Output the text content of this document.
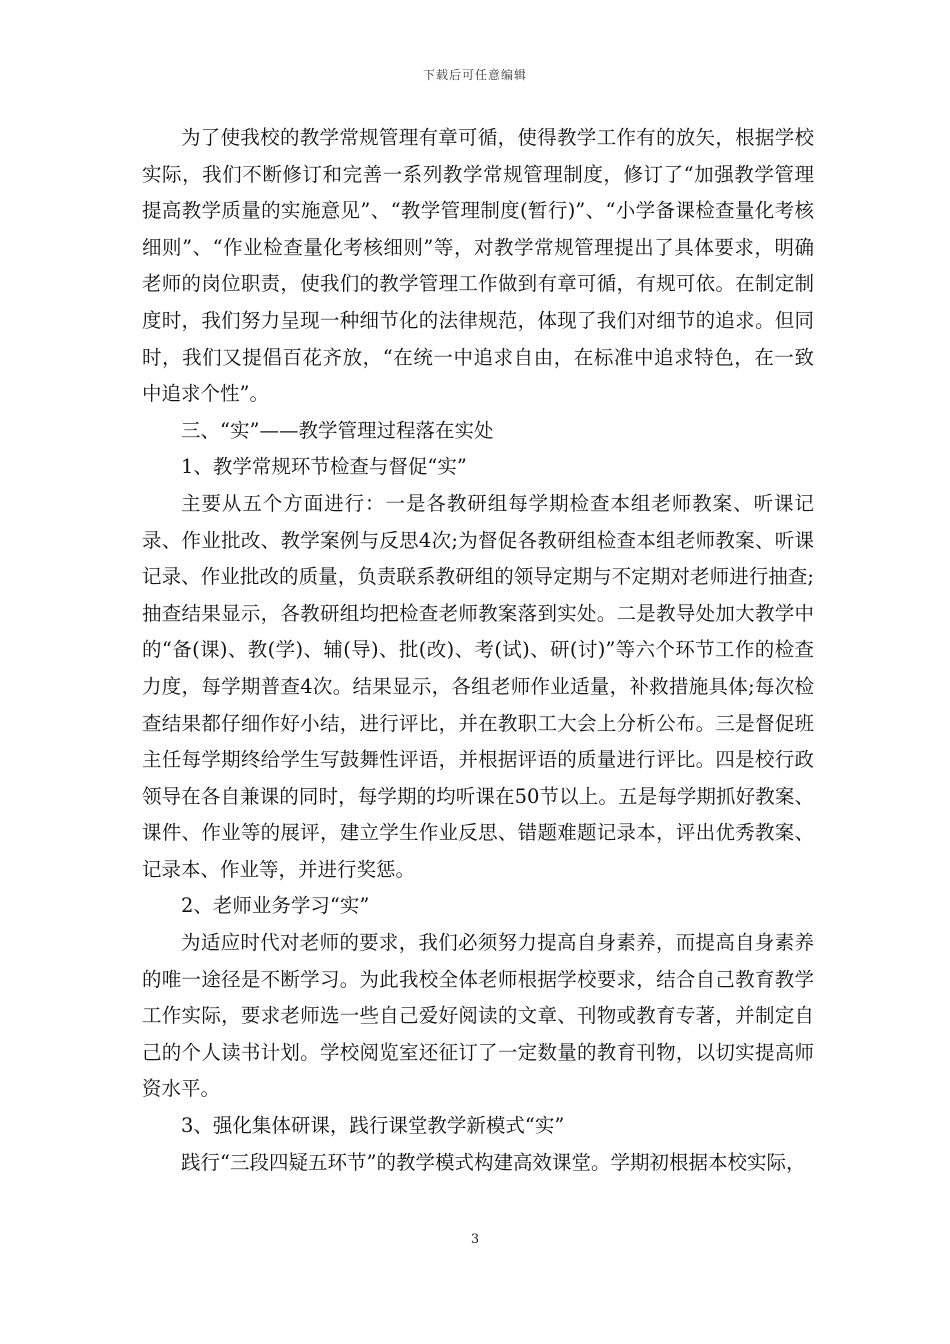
下载后可任意编辑

为了使我校的教学常规管理有章可循，使得教学工作有的放矢，根据学校实际，我们不断修订和完善一系列教学常规管理制度，修订了“加强教学管理提高教学质量的实施意见”、“教学管理制度(暂行)”、“小学备课检查量化考核细则”、“作业检查量化考核细则”等，对教学常规管理提出了具体要求，明确老师的岗位职责，使我们的教学管理工作做到有章可循，有规可依。在制定制度时，我们努力呈现一种细节化的法律规范，体现了我们对细节的追求。但同时，我们又提倡百花齐放，“在统一中追求自由，在标准中追求特色，在一致中追求个性”。

三、“实”——教学管理过程落在实处

1、教学常规环节检查与督促“实”

主要从五个方面进行：一是各教研组每学期检查本组老师教案、听课记录、作业批改、教学案例与反思4次;为督促各教研组检查本组老师教案、听课记录、作业批改的质量，负责联系教研组的领导定期与不定期对老师进行抽查;抽查结果显示，各教研组均把检查老师教案落到实处。二是教导处加大教学中的“备(课)、教(学)、辅(导)、批(改)、考(试)、研(讨)”等六个环节工作的检查力度，每学期普查4次。结果显示，各组老师作业适量，补救措施具体;每次检查结果都仔细作好小结，进行评比，并在教职工大会上分析公布。三是督促班主任每学期终给学生写鼓舞性评语，并根据评语的质量进行评比。四是校行政领导在各自兼课的同时，每学期的均听课在50节以上。五是每学期抓好教案、课件、作业等的展评，建立学生作业反思、错题难题记录本，评出优秀教案、记录本、作业等，并进行奖惩。

2、老师业务学习“实”

为适应时代对老师的要求，我们必须努力提高自身素养，而提高自身素养的唯一途径是不断学习。为此我校全体老师根据学校要求，结合自己教育教学工作实际，要求老师选一些自己爱好阅读的文章、刊物或教育专著，并制定自己的个人读书计划。学校阅览室还征订了一定数量的教育刊物，以切实提高师资水平。

3、强化集体研课，践行课堂教学新模式“实”

践行“三段四疑五环节”的教学模式构建高效课堂。学期初根据本校实际，

3
